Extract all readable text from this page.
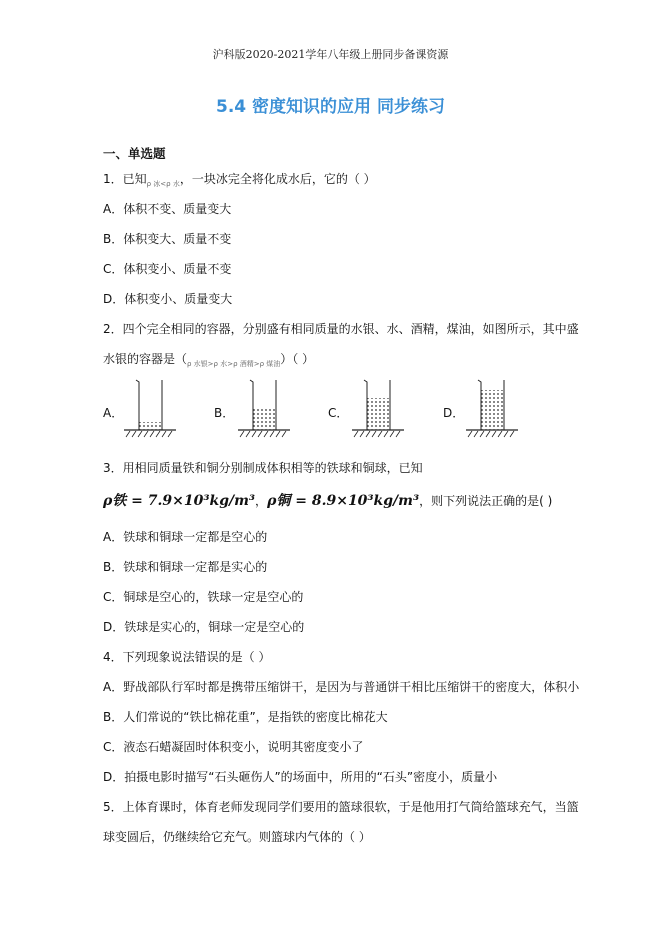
沪科版2020-2021学年八年级上册同步备课资源
5.4 密度知识的应用 同步练习
一、单选题
1．已知$_{\rho 冰<\rho 水}$，一块冰完全将化成水后，它的（ ）
A．体积不变、质量变大
B．体积变大、质量不变
C．体积变小、质量不变
D．体积变小、质量变大
2．四个完全相同的容器，分别盛有相同质量的水银、水、酒精，煤油，如图所示，其中盛
水银的容器是$(_{\rho 水银>\rho 水>\rho 酒精>\rho 煤油})$（ ）
A．	B．	C．	D．
3．用相同质量铁和铜分别制成体积相等的铁球和铜球，已知
ρ铁 = 7.9×10³kg/m³，ρ铜 = 8.9×10³kg/m³，则下列说法正确的是( )
A．铁球和铜球一定都是空心的
B．铁球和铜球一定都是实心的
C．铜球是空心的，铁球一定是空心的
D．铁球是实心的，铜球一定是空心的
4．下列现象说法错误的是（ ）
A．野战部队行军时都是携带压缩饼干，是因为与普通饼干相比压缩饼干的密度大，体积小
B．人们常说的“铁比棉花重”，是指铁的密度比棉花大
C．液态石蜡凝固时体积变小，说明其密度变小了
D．拍摄电影时描写“石头砸伤人”的场面中，所用的“石头”密度小，质量小
5．上体育课时，体育老师发现同学们要用的篮球很软，于是他用打气筒给篮球充气，当篮
球变圆后，仍继续给它充气。则篮球内气体的（ ）
